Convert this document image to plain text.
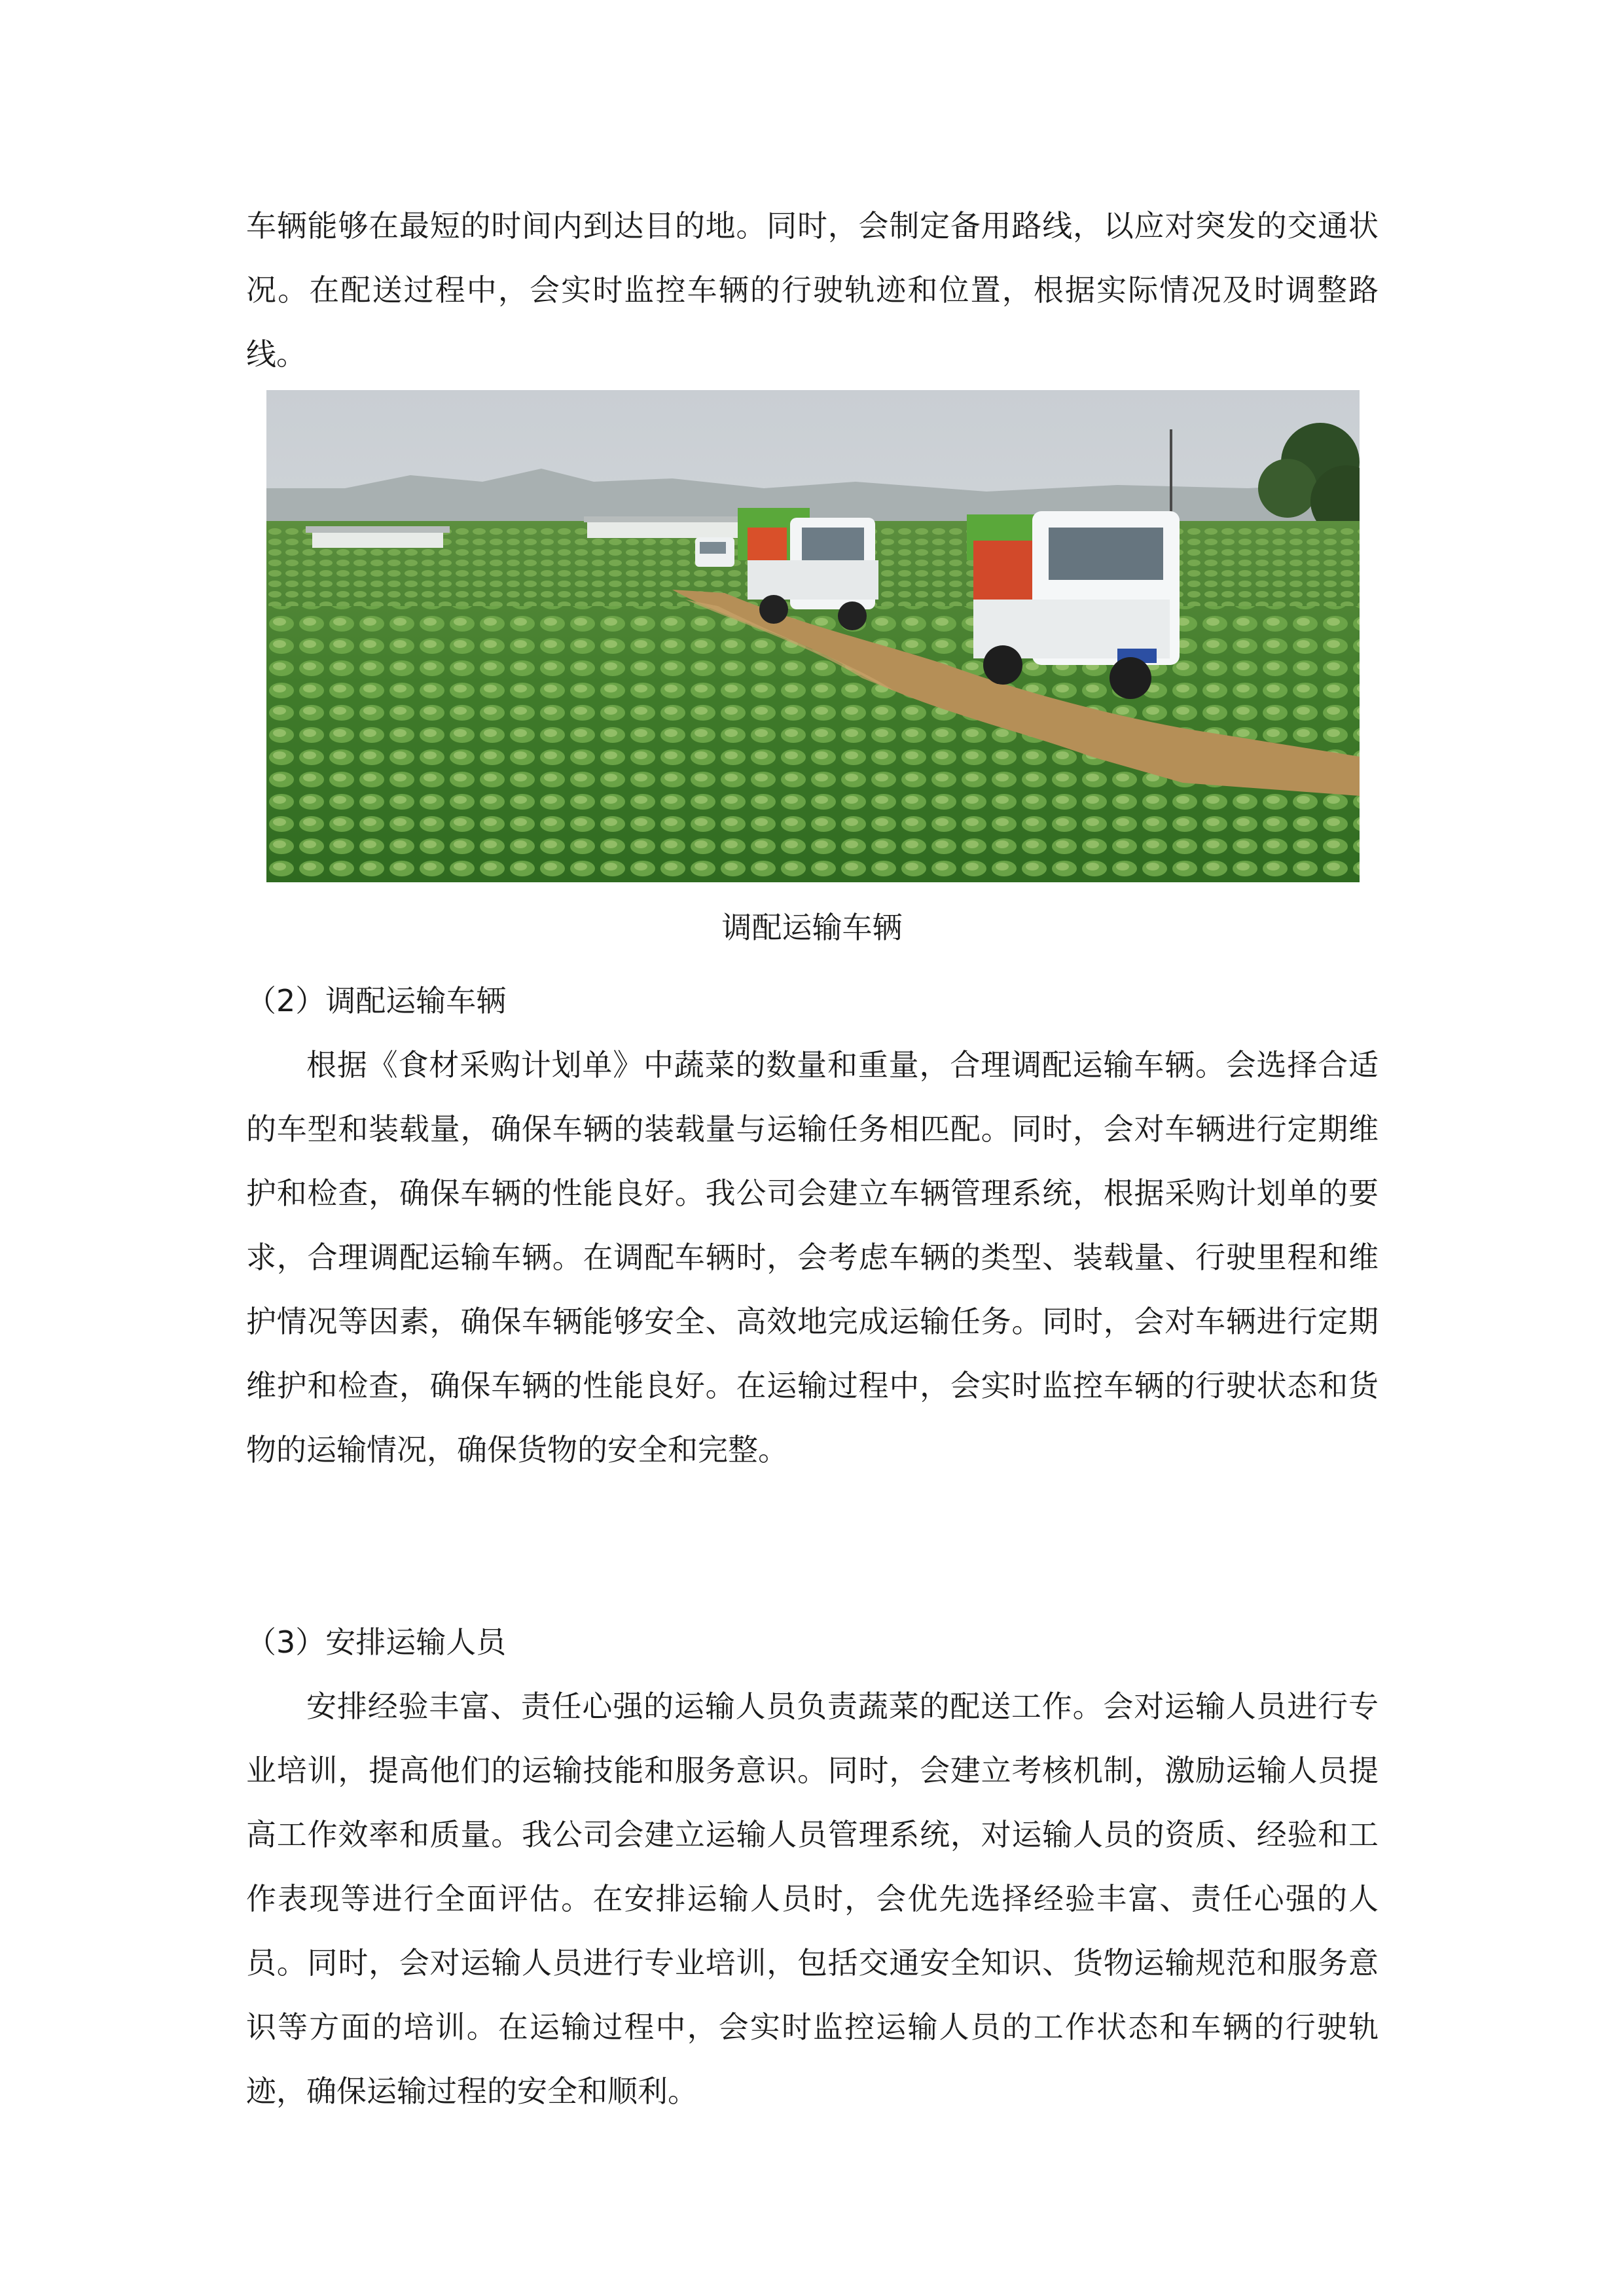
车辆能够在最短的时间内到达目的地。同时，会制定备用路线，以应对突发的交通状况。在配送过程中，会实时监控车辆的行驶轨迹和位置，根据实际情况及时调整路线。

调配运输车辆

（2）调配运输车辆

根据《食材采购计划单》中蔬菜的数量和重量，合理调配运输车辆。会选择合适的车型和装载量，确保车辆的装载量与运输任务相匹配。同时，会对车辆进行定期维护和检查，确保车辆的性能良好。我公司会建立车辆管理系统，根据采购计划单的要求，合理调配运输车辆。在调配车辆时，会考虑车辆的类型、装载量、行驶里程和维护情况等因素，确保车辆能够安全、高效地完成运输任务。同时，会对车辆进行定期维护和检查，确保车辆的性能良好。在运输过程中，会实时监控车辆的行驶状态和货物的运输情况，确保货物的安全和完整。

（3）安排运输人员

安排经验丰富、责任心强的运输人员负责蔬菜的配送工作。会对运输人员进行专业培训，提高他们的运输技能和服务意识。同时，会建立考核机制，激励运输人员提高工作效率和质量。我公司会建立运输人员管理系统，对运输人员的资质、经验和工作表现等进行全面评估。在安排运输人员时，会优先选择经验丰富、责任心强的人员。同时，会对运输人员进行专业培训，包括交通安全知识、货物运输规范和服务意识等方面的培训。在运输过程中，会实时监控运输人员的工作状态和车辆的行驶轨迹，确保运输过程的安全和顺利。
